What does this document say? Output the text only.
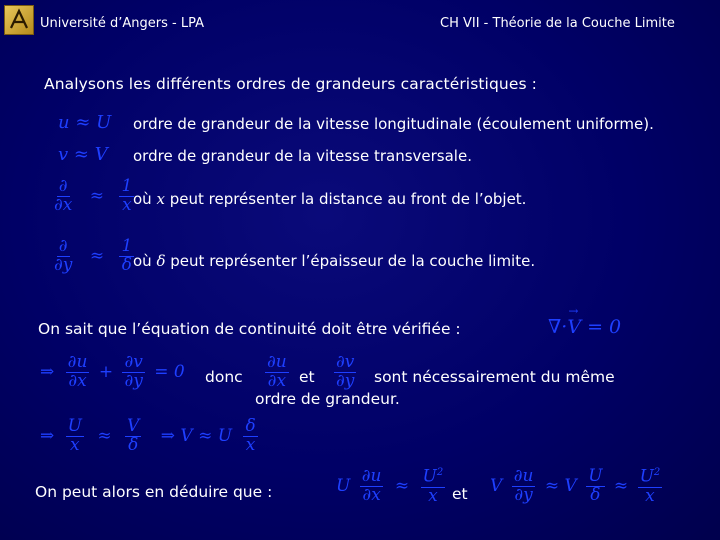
Université d’Angers - LPA	CH VII - Théorie de la Couche Limite
Analysons les différents ordres de grandeurs caractéristiques :
u ≈ U ordre de grandeur de la vitesse longitudinale (écoulement uniforme).
v ≈ V ordre de grandeur de la vitesse transversale.
$\frac{\partial}{\partial x} \approx \frac{1}{x}$
où x peut représenter la distance au front de l’objet.
$\frac{\partial}{\partial y} \approx \frac{1}{\delta}$
où δ peut représenter l’épaisseur de la couche limite.
On sait que l’équation de continuité doit être vérifiée :	∇·V
→
= 0
⇒ $\frac{\partial u}{\partial x} + \frac{\partial v}{\partial y} = 0$ donc $\frac{\partial u}{\partial x}$ et $\frac{\partial v}{\partial y}$ sont nécessairement du même
ordre de grandeur.
⇒ $\frac{U}{x} \approx \frac{V}{\delta}$ ⇒ V ≈ U $\frac{\delta}{x}$
On peut alors en déduire que :	U $\frac{\partial u}{\partial x} \approx \frac{U^2}{x}$ et V $\frac{\partial u}{\partial y} \approx V \frac{U}{\delta} \approx \frac{U^2}{x}$
